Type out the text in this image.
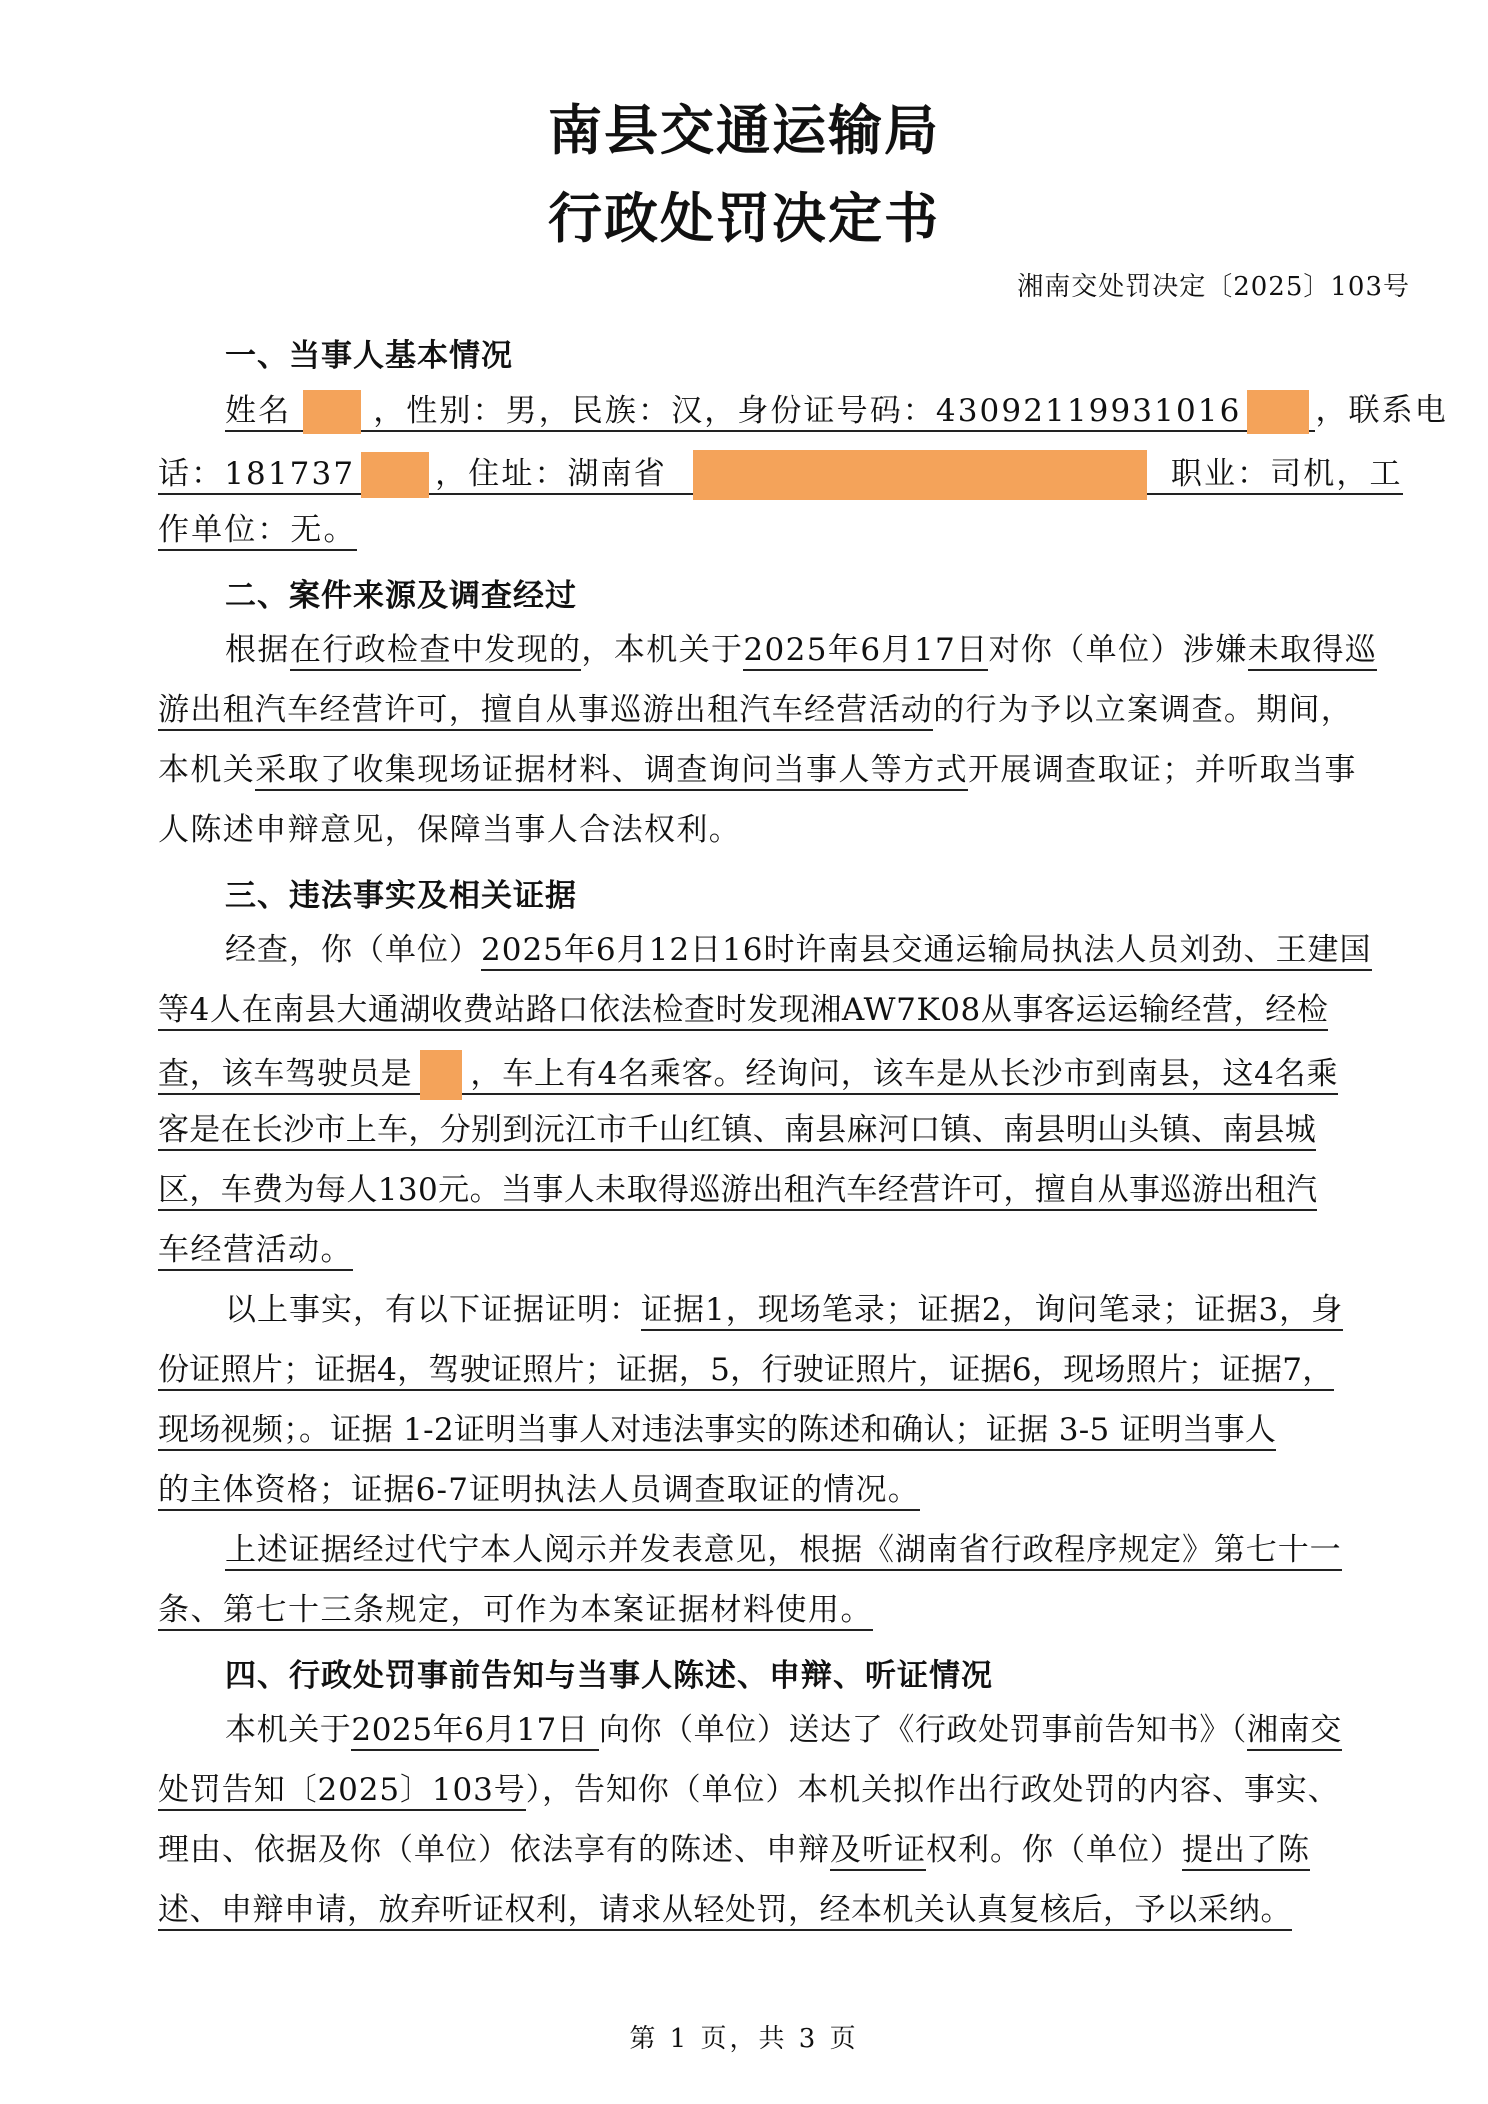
南县交通运输局
行政处罚决定书
湘南交处罚决定〔2025〕103号
一、当事人基本情况
姓名	，性别：男，民族：汉，身份证号码：43092119931016 ，联系电
话：181737	，住址：湖南省	职业：司机，工
作单位：无。
二、案件来源及调查经过
根据在行政检查中发现的，本机关于2025年6月17日对你（单位）涉嫌未取得巡
游出租汽车经营许可，擅自从事巡游出租汽车经营活动的行为予以立案调查。期间，
本机关采取了收集现场证据材料、调查询问当事人等方式开展调查取证；并听取当事
人陈述申辩意见，保障当事人合法权利。
三、违法事实及相关证据
经查，你（单位）2025年6月12日16时许南县交通运输局执法人员刘劲、王建国
等4人在南县大通湖收费站路口依法检查时发现湘AW7K08从事客运运输经营，经检
查，该车驾驶员是 ，车上有4名乘客。经询问，该车是从长沙市到南县，这4名乘
客是在长沙市上车，分别到沅江市千山红镇、南县麻河口镇、南县明山头镇、南县城
区，车费为每人130元。当事人未取得巡游出租汽车经营许可，擅自从事巡游出租汽
车经营活动。
以上事实，有以下证据证明：证据1，现场笔录；证据2，询问笔录；证据3，身
份证照片；证据4，驾驶证照片；证据，5，行驶证照片，证据6，现场照片；证据7，
现场视频；。证据 1-2证明当事人对违法事实的陈述和确认；证据 3-5 证明当事人
的主体资格；证据6-7证明执法人员调查取证的情况。
上述证据经过代宁本人阅示并发表意见，根据《湖南省行政程序规定》第七十一
条、第七十三条规定，可作为本案证据材料使用。
四、行政处罚事前告知与当事人陈述、申辩、听证情况
本机关于2025年6月17日 向你（单位）送达了《行政处罚事前告知书》（湘南交
处罚告知〔2025〕103号），告知你（单位）本机关拟作出行政处罚的内容、事实、
理由、依据及你（单位）依法享有的陈述、申辩及听证权利。你（单位）提出了陈
述、申辩申请，放弃听证权利，请求从轻处罚，经本机关认真复核后，予以采纳。
第 1 页，共 3 页
